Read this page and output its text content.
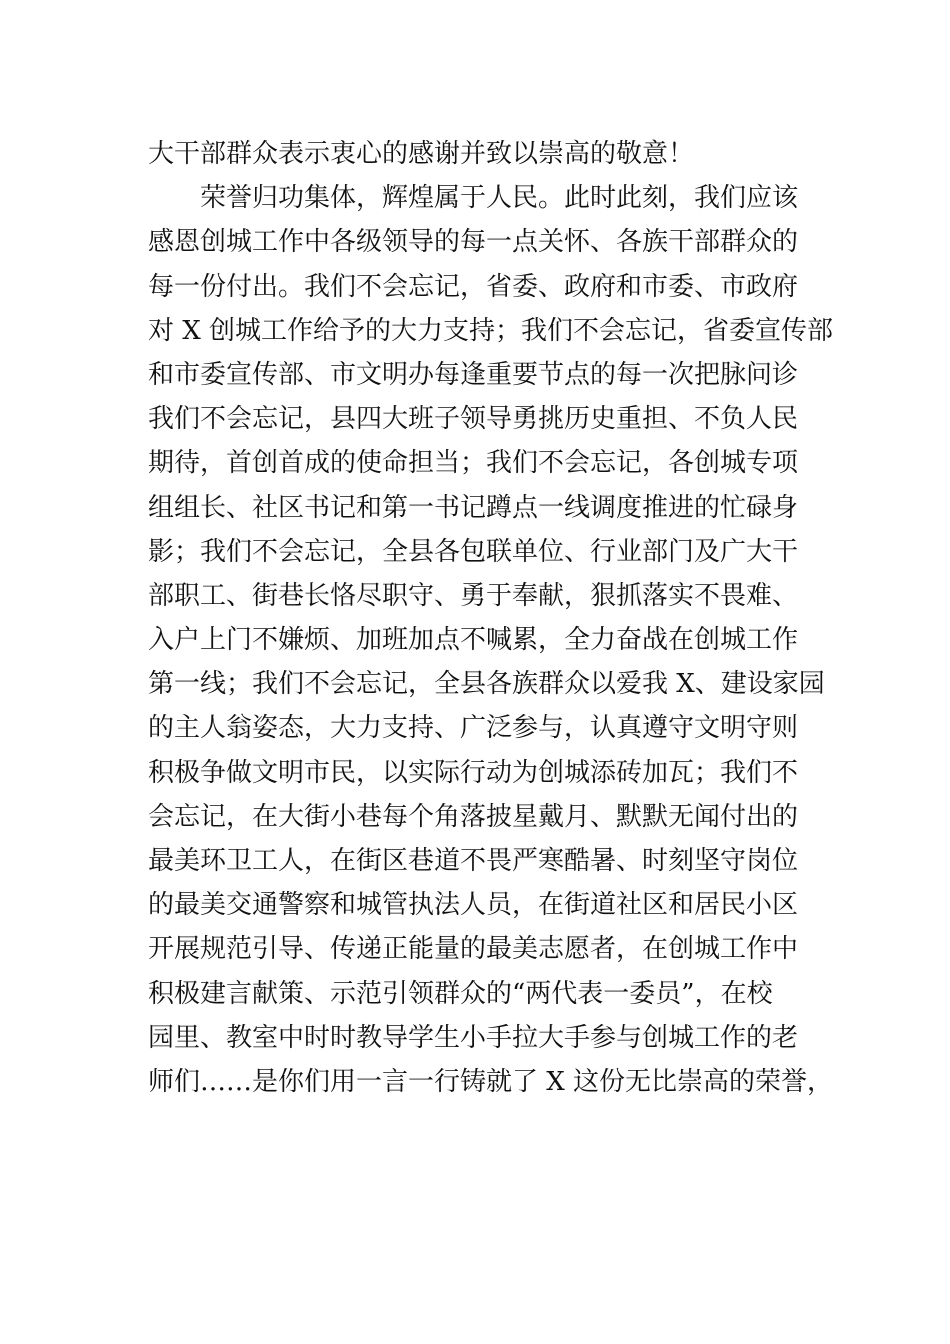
大干部群众表示衷心的感谢并致以崇高的敬意！
荣誉归功集体，辉煌属于人民。此时此刻，我们应该
感恩创城工作中各级领导的每一点关怀、各族干部群众的
每一份付出。我们不会忘记，省委、政府和市委、市政府
对 X 创城工作给予的大力支持；我们不会忘记，省委宣传部
和市委宣传部、市文明办每逢重要节点的每一次把脉问诊
我们不会忘记，县四大班子领导勇挑历史重担、不负人民
期待，首创首成的使命担当；我们不会忘记，各创城专项
组组长、社区书记和第一书记蹲点一线调度推进的忙碌身
影；我们不会忘记，全县各包联单位、行业部门及广大干
部职工、街巷长恪尽职守、勇于奉献，狠抓落实不畏难、
入户上门不嫌烦、加班加点不喊累，全力奋战在创城工作
第一线；我们不会忘记，全县各族群众以爱我 X、建设家园
的主人翁姿态，大力支持、广泛参与，认真遵守文明守则
积极争做文明市民，以实际行动为创城添砖加瓦；我们不
会忘记，在大街小巷每个角落披星戴月、默默无闻付出的
最美环卫工人，在街区巷道不畏严寒酷暑、时刻坚守岗位
的最美交通警察和城管执法人员，在街道社区和居民小区
开展规范引导、传递正能量的最美志愿者，在创城工作中
积极建言献策、示范引领群众的“两代表一委员”，在校
园里、教室中时时教导学生小手拉大手参与创城工作的老
师们……是你们用一言一行铸就了 X 这份无比崇高的荣誉，
